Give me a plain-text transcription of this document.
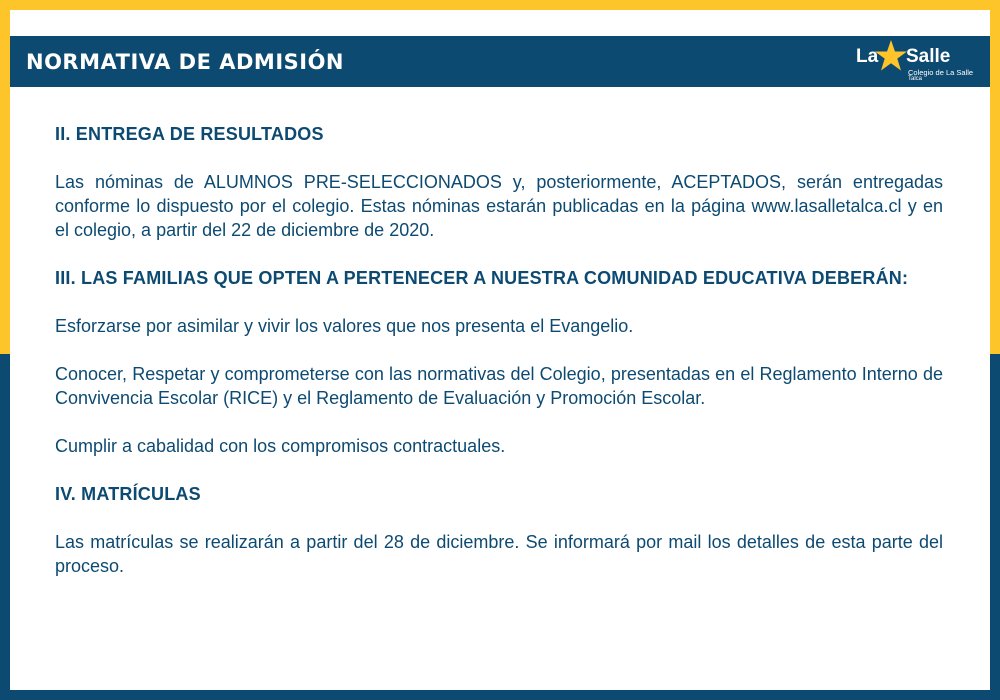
NORMATIVA DE ADMISIÓN	La Salle
Colegio de La Salle
Talca
II. ENTREGA DE RESULTADOS

Las nóminas de ALUMNOS PRE-SELECCIONADOS y, posteriormente, ACEPTADOS, serán entregadas conforme lo dispuesto por el colegio. Estas nóminas estarán publicadas en la página www.lasalletalca.cl y en el colegio, a partir del 22 de diciembre de 2020.

III. LAS FAMILIAS QUE OPTEN A PERTENECER A NUESTRA COMUNIDAD EDUCATIVA DEBERÁN:

Esforzarse por asimilar y vivir los valores que nos presenta el Evangelio.

Conocer, Respetar y comprometerse con las normativas del Colegio, presentadas en el Reglamento Interno de Convivencia Escolar (RICE) y el Reglamento de Evaluación y Promoción Escolar.

Cumplir a cabalidad con los compromisos contractuales.

IV. MATRÍCULAS

Las matrículas se realizarán a partir del 28 de diciembre. Se informará por mail los detalles de esta parte del proceso.
